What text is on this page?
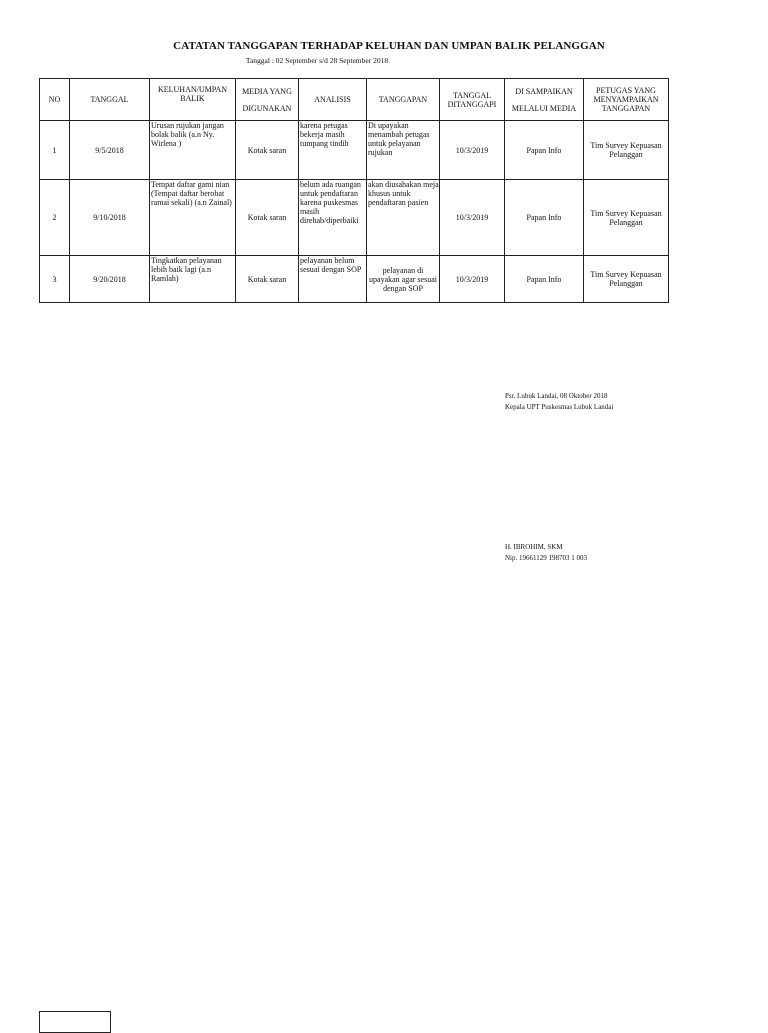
CATATAN TANGGAPAN TERHADAP KELUHAN DAN UMPAN BALIK PELANGGAN
Tanggal : 02 September s/d 28 September 2018
NO	TANGGAL	KELUHAN/UMPAN BALIK	MEDIA YANG DIGUNAKAN	ANALISIS	TANGGAPAN	TANGGAL DITANGGAPI	DI SAMPAIKAN MELALUI MEDIA	PETUGAS YANG MENYAMPAIKAN TANGGAPAN
1	9/5/2018	Urusan rujukan jangan bolak balik (a.n Ny. Wirlena )	Kotak saran	karena petugas bekerja masih tumpang tindih	Di upayakan menambah petugas untuk pelayanan rujukan	10/3/2019	Papan Info	Tim Survey Kepuasan Pelanggan
2	9/10/2018	Tempat daftar gami nian (Tempat daftar berobat ramai sekali) (a.n Zainal)	Kotak saran	belum ada ruangan untuk pendaftaran karena puskesmas masih direhab/diperbaiki	akan diusahakan meja khusus untuk pendaftaran pasien	10/3/2019	Papan Info	Tim Survey Kepuasan Pelanggan
3	9/20/2018	Tingkatkan pelayanan lebih baik lagi (a.n Ramlah)	Kotak saran	pelayanan belum sesuai dengan SOP	pelayanan di upayakan agar sesuai dengan SOP	10/3/2019	Papan Info	Tim Survey Kepuasan Pelanggan
Psr. Lubuk Landai, 08 Oktober 2018
Kepala UPT Puskesmas Lubuk Landai
H. IBROHIM, SKM
Nip. 19661129 198703 1 003
